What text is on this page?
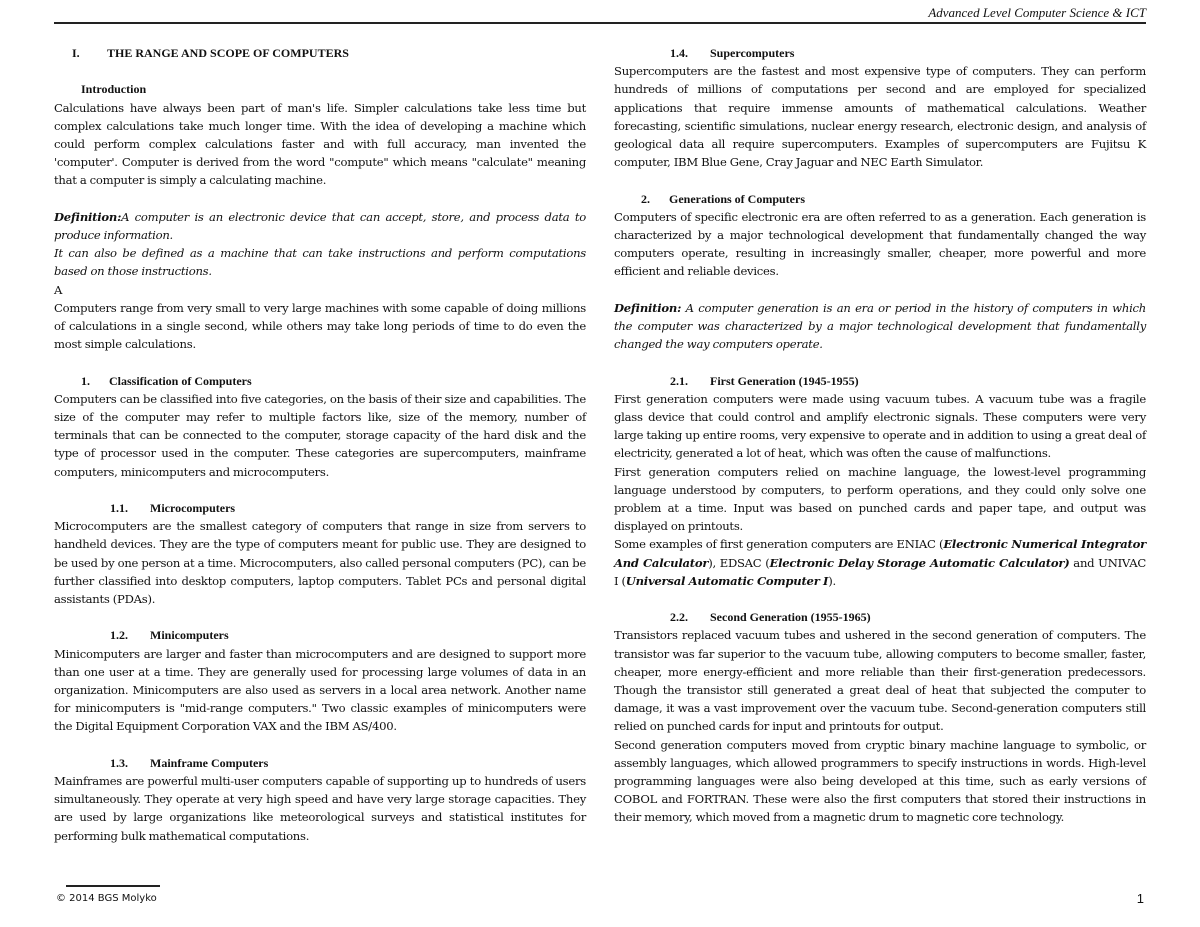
Advanced Level Computer Science & ICT

I. THE RANGE AND SCOPE OF COMPUTERS

Introduction

Calculations have always been part of man's life. Simpler calculations take less time but complex calculations take much longer time. With the idea of developing a machine which could perform complex calculations faster and with full accuracy, man invented the 'computer'. Computer is derived from the word "compute" which means "calculate" meaning that a computer is simply a calculating machine.

Definition:A computer is an electronic device that can accept, store, and process data to produce information.

It can also be defined as a machine that can take instructions and perform computations based on those instructions.

A

Computers range from very small to very large machines with some capable of doing millions of calculations in a single second, while others may take long periods of time to do even the most simple calculations.

1. Classification of Computers

Computers can be classified into five categories, on the basis of their size and capabilities. The size of the computer may refer to multiple factors like, size of the memory, number of terminals that can be connected to the computer, storage capacity of the hard disk and the type of processor used in the computer. These categories are supercomputers, mainframe computers, minicomputers and microcomputers.

1.1. Microcomputers

Microcomputers are the smallest category of computers that range in size from servers to handheld devices. They are the type of computers meant for public use. They are designed to be used by one person at a time. Microcomputers, also called personal computers (PC), can be further classified into desktop computers, laptop computers. Tablet PCs and personal digital assistants (PDAs).

1.2. Minicomputers

Minicomputers are larger and faster than microcomputers and are designed to support more than one user at a time. They are generally used for processing large volumes of data in an organization. Minicomputers are also used as servers in a local area network. Another name for minicomputers is "mid-range computers." Two classic examples of minicomputers were the Digital Equipment Corporation VAX and the IBM AS/400.

1.3. Mainframe Computers

Mainframes are powerful multi-user computers capable of supporting up to hundreds of users simultaneously. They operate at very high speed and have very large storage capacities. They are used by large organizations like meteorological surveys and statistical institutes for performing bulk mathematical computations.

1.4. Supercomputers

Supercomputers are the fastest and most expensive type of computers. They can perform hundreds of millions of computations per second and are employed for specialized applications that require immense amounts of mathematical calculations. Weather forecasting, scientific simulations, nuclear energy research, electronic design, and analysis of geological data all require supercomputers. Examples of supercomputers are Fujitsu K computer, IBM Blue Gene, Cray Jaguar and NEC Earth Simulator.

2. Generations of Computers

Computers of specific electronic era are often referred to as a generation. Each generation is characterized by a major technological development that fundamentally changed the way computers operate, resulting in increasingly smaller, cheaper, more powerful and more efficient and reliable devices.

Definition: A computer generation is an era or period in the history of computers in which the computer was characterized by a major technological development that fundamentally changed the way computers operate.

2.1. First Generation (1945-1955)

First generation computers were made using vacuum tubes. A vacuum tube was a fragile glass device that could control and amplify electronic signals. These computers were very large taking up entire rooms, very expensive to operate and in addition to using a great deal of electricity, generated a lot of heat, which was often the cause of malfunctions.

First generation computers relied on machine language, the lowest-level programming language understood by computers, to perform operations, and they could only solve one problem at a time. Input was based on punched cards and paper tape, and output was displayed on printouts.

Some examples of first generation computers are ENIAC (Electronic Numerical Integrator And Calculator), EDSAC (Electronic Delay Storage Automatic Calculator) and UNIVAC I (Universal Automatic Computer I).

2.2. Second Generation (1955-1965)

Transistors replaced vacuum tubes and ushered in the second generation of computers. The transistor was far superior to the vacuum tube, allowing computers to become smaller, faster, cheaper, more energy-efficient and more reliable than their first-generation predecessors. Though the transistor still generated a great deal of heat that subjected the computer to damage, it was a vast improvement over the vacuum tube. Second-generation computers still relied on punched cards for input and printouts for output.

Second generation computers moved from cryptic binary machine language to symbolic, or assembly languages, which allowed programmers to specify instructions in words. High-level programming languages were also being developed at this time, such as early versions of COBOL and FORTRAN. These were also the first computers that stored their instructions in their memory, which moved from a magnetic drum to magnetic core technology.

© 2014 BGS Molyko	1
